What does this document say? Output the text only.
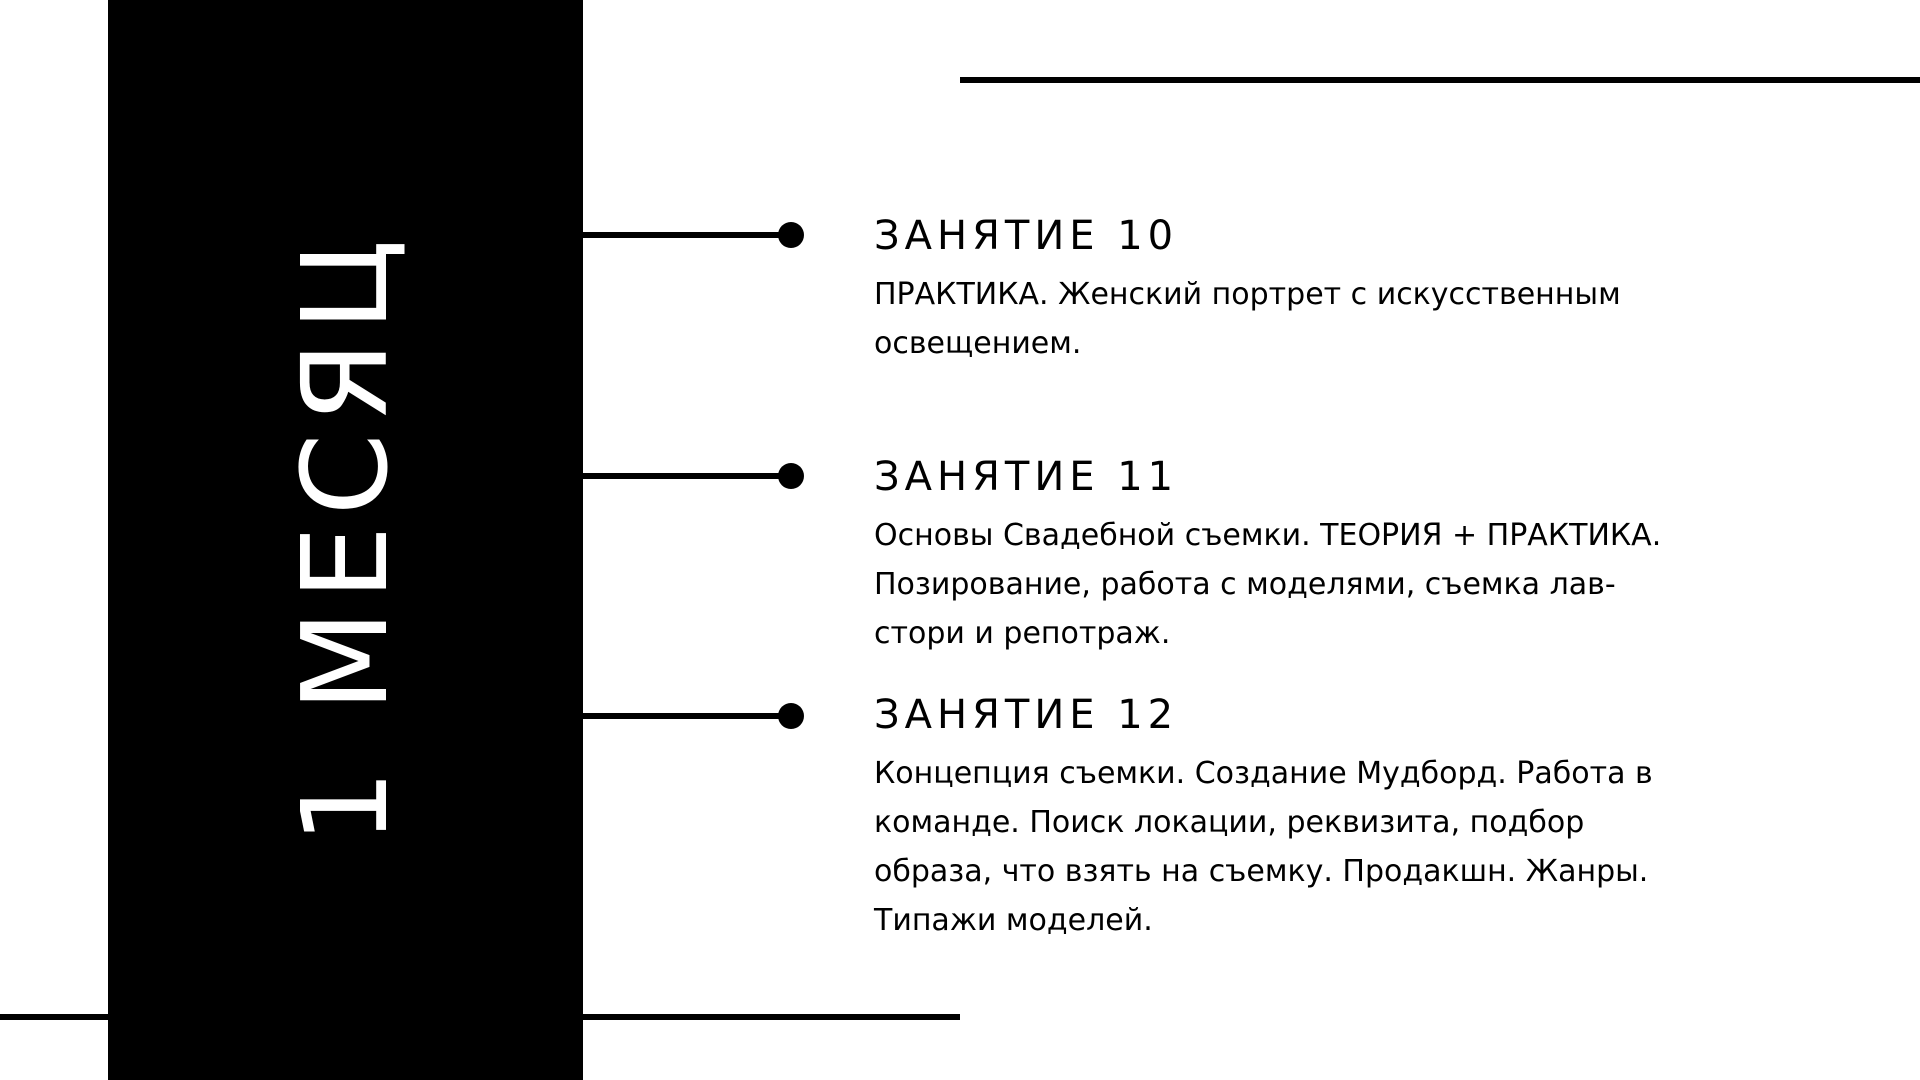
1 МЕСЯЦ	ЗАНЯТИЕ 10

ПРАКТИКА. Женский портрет с искусственным освещением.

ЗАНЯТИЕ 11

Основы Свадебной съемки. ТЕОРИЯ + ПРАКТИКА. Позирование, работа с моделями, съемка лав-стори и репотраж.

ЗАНЯТИЕ 12

Концепция съемки. Создание Мудборд. Работа в команде. Поиск локации, реквизита, подбор образа, что взять на съемку. Продакшн. Жанры. Типажи моделей.
